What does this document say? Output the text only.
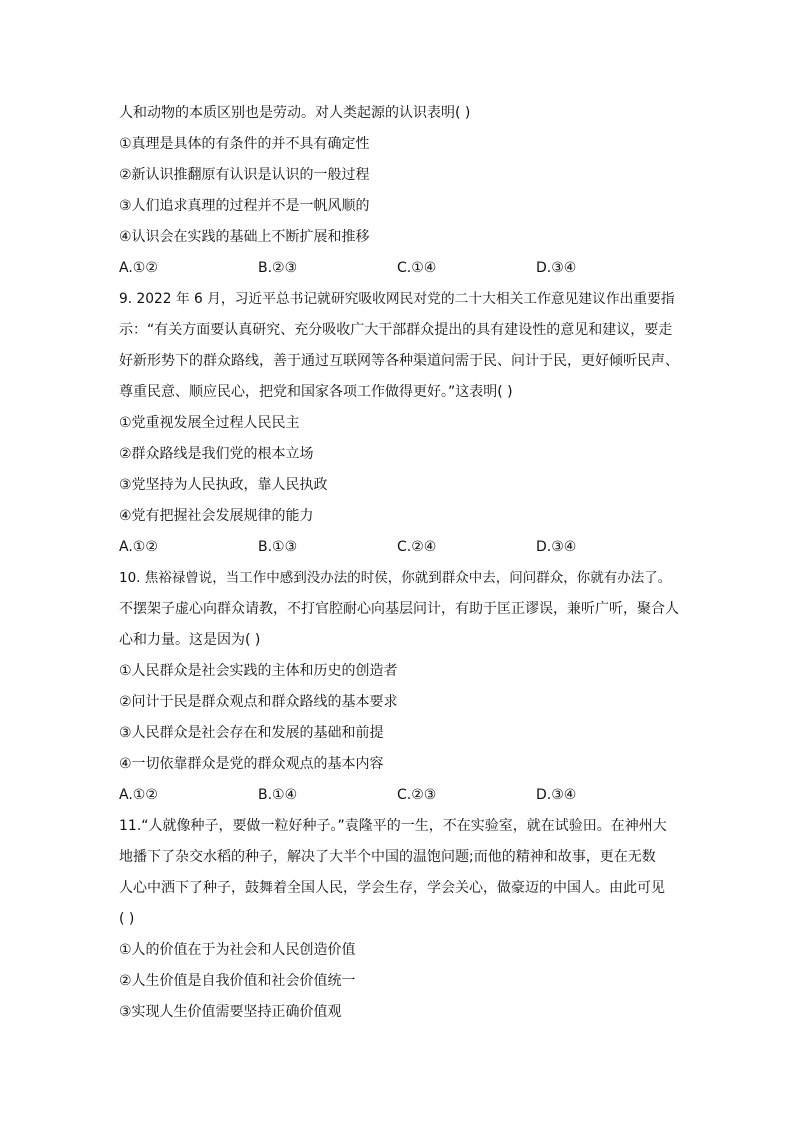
人和动物的本质区别也是劳动。对人类起源的认识表明( )
①真理是具体的有条件的并不具有确定性
②新认识推翻原有认识是认识的一般过程
③人们追求真理的过程并不是一帆风顺的
④认识会在实践的基础上不断扩展和推移
A.①②	B.②③	C.①④	D.③④
9. 2022 年 6 月，习近平总书记就研究吸收网民对党的二十大相关工作意见建议作出重要指
示：“有关方面要认真研究、充分吸收广大干部群众提出的具有建设性的意见和建议，要走
好新形势下的群众路线，善于通过互联网等各种渠道问需于民、问计于民，更好倾听民声、
尊重民意、顺应民心，把党和国家各项工作做得更好。”这表明( )
①党重视发展全过程人民民主
②群众路线是我们党的根本立场
③党坚持为人民执政，靠人民执政
④党有把握社会发展规律的能力
A.①②	B.①③	C.②④	D.③④
10. 焦裕禄曾说，当工作中感到没办法的时侯，你就到群众中去，问问群众，你就有办法了。
不摆架子虚心向群众请教，不打官腔耐心向基层问计，有助于匡正谬误，兼听广听，聚合人
心和力量。这是因为( )
①人民群众是社会实践的主体和历史的创造者
②问计于民是群众观点和群众路线的基本要求
③人民群众是社会存在和发展的基础和前提
④一切依靠群众是党的群众观点的基本内容
A.①②	B.①④	C.②③	D.③④
11.“人就像种子，要做一粒好种子。”袁隆平的一生，不在实验室，就在试验田。在神州大
地播下了杂交水稻的种子，解决了大半个中国的温饱问题;而他的精神和故事，更在无数
人心中洒下了种子，鼓舞着全国人民，学会生存，学会关心，做豪迈的中国人。由此可见
( )
①人的价值在于为社会和人民创造价值
②人生价值是自我价值和社会价值统一
③实现人生价值需要坚持正确价值观
